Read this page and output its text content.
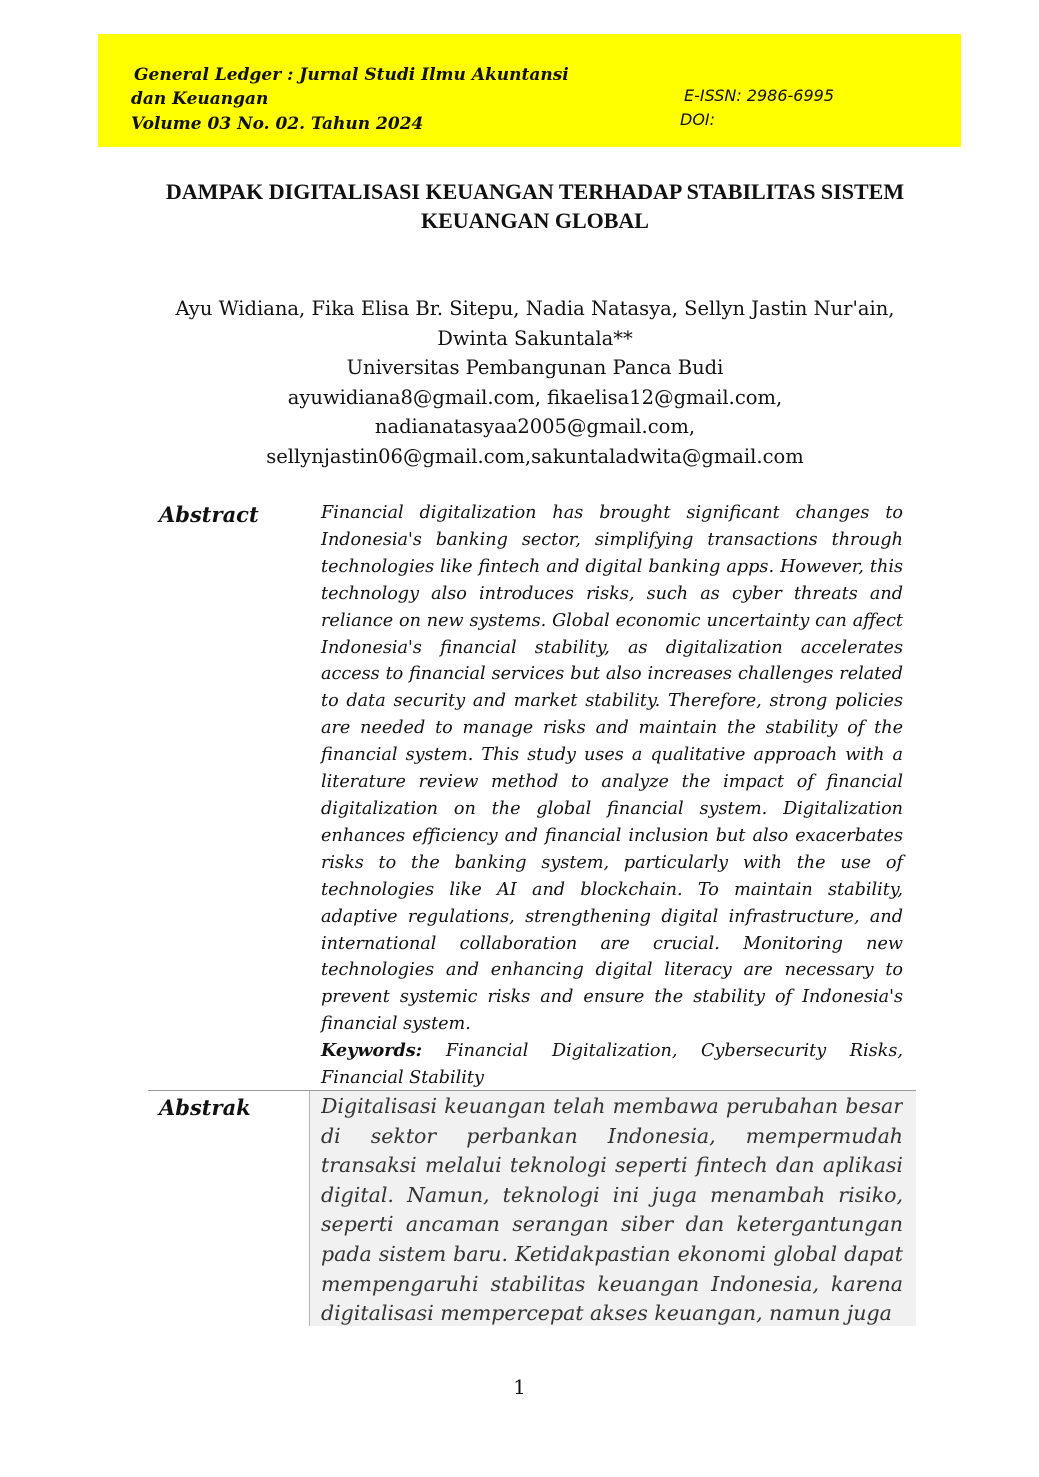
General Ledger : Jurnal Studi Ilmu Akuntansi
dan Keuangan
Volume 03 No. 02. Tahun 2024
E-ISSN: 2986-6995
DOI:
DAMPAK DIGITALISASI KEUANGAN TERHADAP STABILITAS SISTEM
KEUANGAN GLOBAL
Ayu Widiana, Fika Elisa Br. Sitepu, Nadia Natasya, Sellyn Jastin Nur'ain,
Dwinta Sakuntala**
Universitas Pembangunan Panca Budi
ayuwidiana8@gmail.com, fikaelisa12@gmail.com,
nadianatasyaa2005@gmail.com,
sellynjastin06@gmail.com,sakuntaladwita@gmail.com
Abstract	Financial digitalization has brought significant changes to Indonesia's banking sector, simplifying transactions through technologies like fintech and digital banking apps. However, this technology also introduces risks, such as cyber threats and reliance on new systems. Global economic uncertainty can affect Indonesia's financial stability, as digitalization accelerates access to financial services but also increases challenges related to data security and market stability. Therefore, strong policies are needed to manage risks and maintain the stability of the financial system. This study uses a qualitative approach with a literature review method to analyze the impact of financial digitalization on the global financial system. Digitalization enhances efficiency and financial inclusion but also exacerbates risks to the banking system, particularly with the use of technologies like AI and blockchain. To maintain stability, adaptive regulations, strengthening digital infrastructure, and international collaboration are crucial. Monitoring new technologies and enhancing digital literacy are necessary to prevent systemic risks and ensure the stability of Indonesia's financial system.
Keywords: Financial Digitalization, Cybersecurity Risks, Financial Stability
Abstrak	Digitalisasi keuangan telah membawa perubahan besar di sektor perbankan Indonesia, mempermudah transaksi melalui teknologi seperti fintech dan aplikasi digital. Namun, teknologi ini juga menambah risiko, seperti ancaman serangan siber dan ketergantungan pada sistem baru. Ketidakpastian ekonomi global dapat mempengaruhi stabilitas keuangan Indonesia, karena digitalisasi mempercepat akses keuangan, namun juga
1
